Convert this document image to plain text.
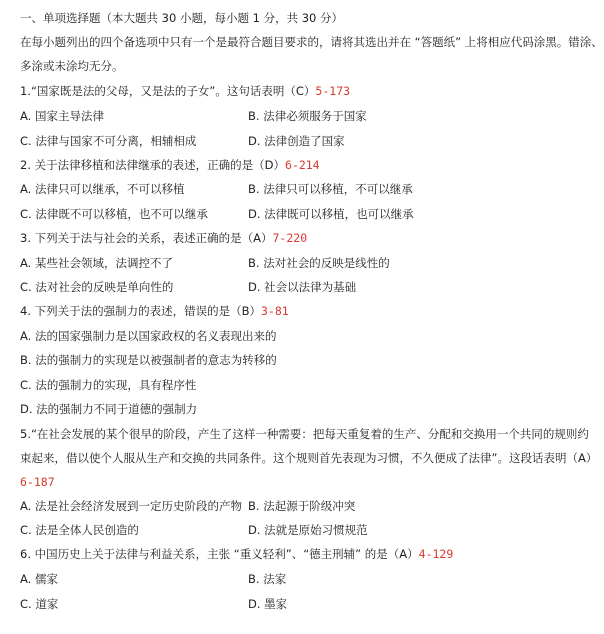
一、单项选择题（本大题共 30 小题，每小题 1 分，共 30 分）
在每小题列出的四个备选项中只有一个是最符合题目要求的，请将其选出并在 “答题纸” 上将相应代码涂黑。错涂、
多涂或未涂均无分。
1.“国家既是法的父母，又是法的子女”。这句话表明（C）5-173
A. 国家主导法律	B. 法律必须服务于国家
C. 法律与国家不可分离，相辅相成	D. 法律创造了国家
2. 关于法律移植和法律继承的表述，正确的是（D）6-214
A. 法律只可以继承，不可以移植	B. 法律只可以移植，不可以继承
C. 法律既不可以移植，也不可以继承	D. 法律既可以移植，也可以继承
3. 下列关于法与社会的关系，表述正确的是（A）7-220
A. 某些社会领域，法调控不了	B. 法对社会的反映是线性的
C. 法对社会的反映是单向性的	D. 社会以法律为基础
4. 下列关于法的强制力的表述，错误的是（B）3-81
A. 法的国家强制力是以国家政权的名义表现出来的
B. 法的强制力的实现是以被强制者的意志为转移的
C. 法的强制力的实现，具有程序性
D. 法的强制力不同于道德的强制力
5.“在社会发展的某个很早的阶段，产生了这样一种需要：把每天重复着的生产、分配和交换用一个共同的规则约
束起来，借以使个人服从生产和交换的共同条件。这个规则首先表现为习惯，不久便成了法律”。这段话表明（A）
6-187
A. 法是社会经济发展到一定历史阶段的产物 B. 法起源于阶级冲突
C. 法是全体人民创造的	D. 法就是原始习惯规范
6. 中国历史上关于法律与利益关系，主张 “重义轻利”、“德主刑辅” 的是（A）4-129
A. 儒家	B. 法家
C. 道家	D. 墨家
